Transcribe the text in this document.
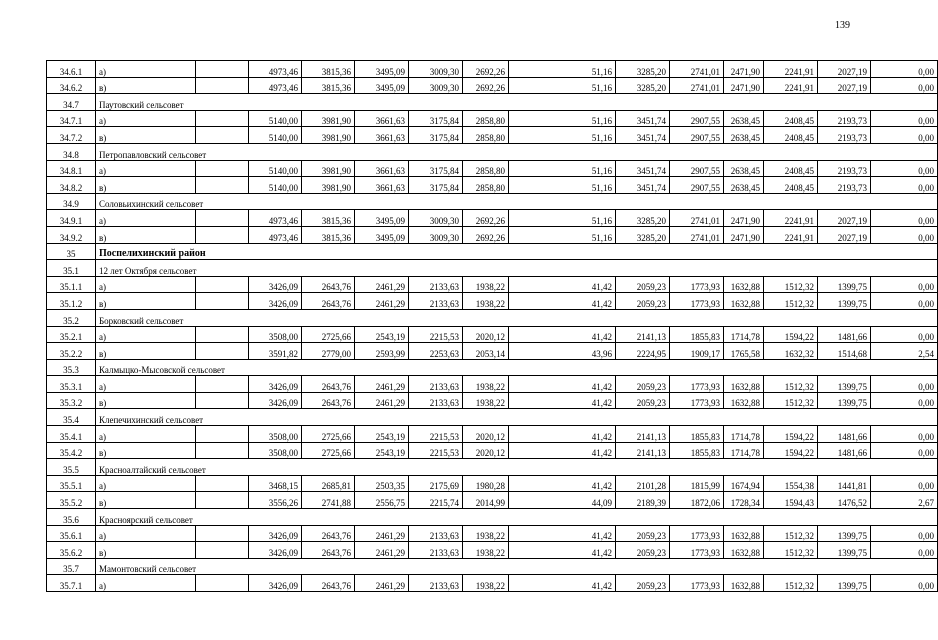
139
34.6.1	а)		4973,46	3815,36	3495,09	3009,30	2692,26	51,16	3285,20	2741,01	2471,90	2241,91	2027,19	0,00
34.6.2	в)		4973,46	3815,36	3495,09	3009,30	2692,26	51,16	3285,20	2741,01	2471,90	2241,91	2027,19	0,00
34.7	Паутовский сельсовет													
34.7.1	а)		5140,00	3981,90	3661,63	3175,84	2858,80	51,16	3451,74	2907,55	2638,45	2408,45	2193,73	0,00
34.7.2	в)		5140,00	3981,90	3661,63	3175,84	2858,80	51,16	3451,74	2907,55	2638,45	2408,45	2193,73	0,00
34.8	Петропавловский сельсовет													
34.8.1	а)		5140,00	3981,90	3661,63	3175,84	2858,80	51,16	3451,74	2907,55	2638,45	2408,45	2193,73	0,00
34.8.2	в)		5140,00	3981,90	3661,63	3175,84	2858,80	51,16	3451,74	2907,55	2638,45	2408,45	2193,73	0,00
34.9	Соловьихинский сельсовет													
34.9.1	а)		4973,46	3815,36	3495,09	3009,30	2692,26	51,16	3285,20	2741,01	2471,90	2241,91	2027,19	0,00
34.9.2	в)		4973,46	3815,36	3495,09	3009,30	2692,26	51,16	3285,20	2741,01	2471,90	2241,91	2027,19	0,00
35	Поспелихинский район													
35.1	12 лет Октября сельсовет													
35.1.1	а)		3426,09	2643,76	2461,29	2133,63	1938,22	41,42	2059,23	1773,93	1632,88	1512,32	1399,75	0,00
35.1.2	в)		3426,09	2643,76	2461,29	2133,63	1938,22	41,42	2059,23	1773,93	1632,88	1512,32	1399,75	0,00
35.2	Борковский сельсовет													
35.2.1	а)		3508,00	2725,66	2543,19	2215,53	2020,12	41,42	2141,13	1855,83	1714,78	1594,22	1481,66	0,00
35.2.2	в)		3591,82	2779,00	2593,99	2253,63	2053,14	43,96	2224,95	1909,17	1765,58	1632,32	1514,68	2,54
35.3	Калмыцко-Мысовской сельсовет													
35.3.1	а)		3426,09	2643,76	2461,29	2133,63	1938,22	41,42	2059,23	1773,93	1632,88	1512,32	1399,75	0,00
35.3.2	в)		3426,09	2643,76	2461,29	2133,63	1938,22	41,42	2059,23	1773,93	1632,88	1512,32	1399,75	0,00
35.4	Клепечихинский сельсовет													
35.4.1	а)		3508,00	2725,66	2543,19	2215,53	2020,12	41,42	2141,13	1855,83	1714,78	1594,22	1481,66	0,00
35.4.2	в)		3508,00	2725,66	2543,19	2215,53	2020,12	41,42	2141,13	1855,83	1714,78	1594,22	1481,66	0,00
35.5	Красноалтайский сельсовет													
35.5.1	а)		3468,15	2685,81	2503,35	2175,69	1980,28	41,42	2101,28	1815,99	1674,94	1554,38	1441,81	0,00
35.5.2	в)		3556,26	2741,88	2556,75	2215,74	2014,99	44,09	2189,39	1872,06	1728,34	1594,43	1476,52	2,67
35.6	Красноярский сельсовет													
35.6.1	а)		3426,09	2643,76	2461,29	2133,63	1938,22	41,42	2059,23	1773,93	1632,88	1512,32	1399,75	0,00
35.6.2	в)		3426,09	2643,76	2461,29	2133,63	1938,22	41,42	2059,23	1773,93	1632,88	1512,32	1399,75	0,00
35.7	Мамонтовский сельсовет													
35.7.1	а)		3426,09	2643,76	2461,29	2133,63	1938,22	41,42	2059,23	1773,93	1632,88	1512,32	1399,75	0,00
